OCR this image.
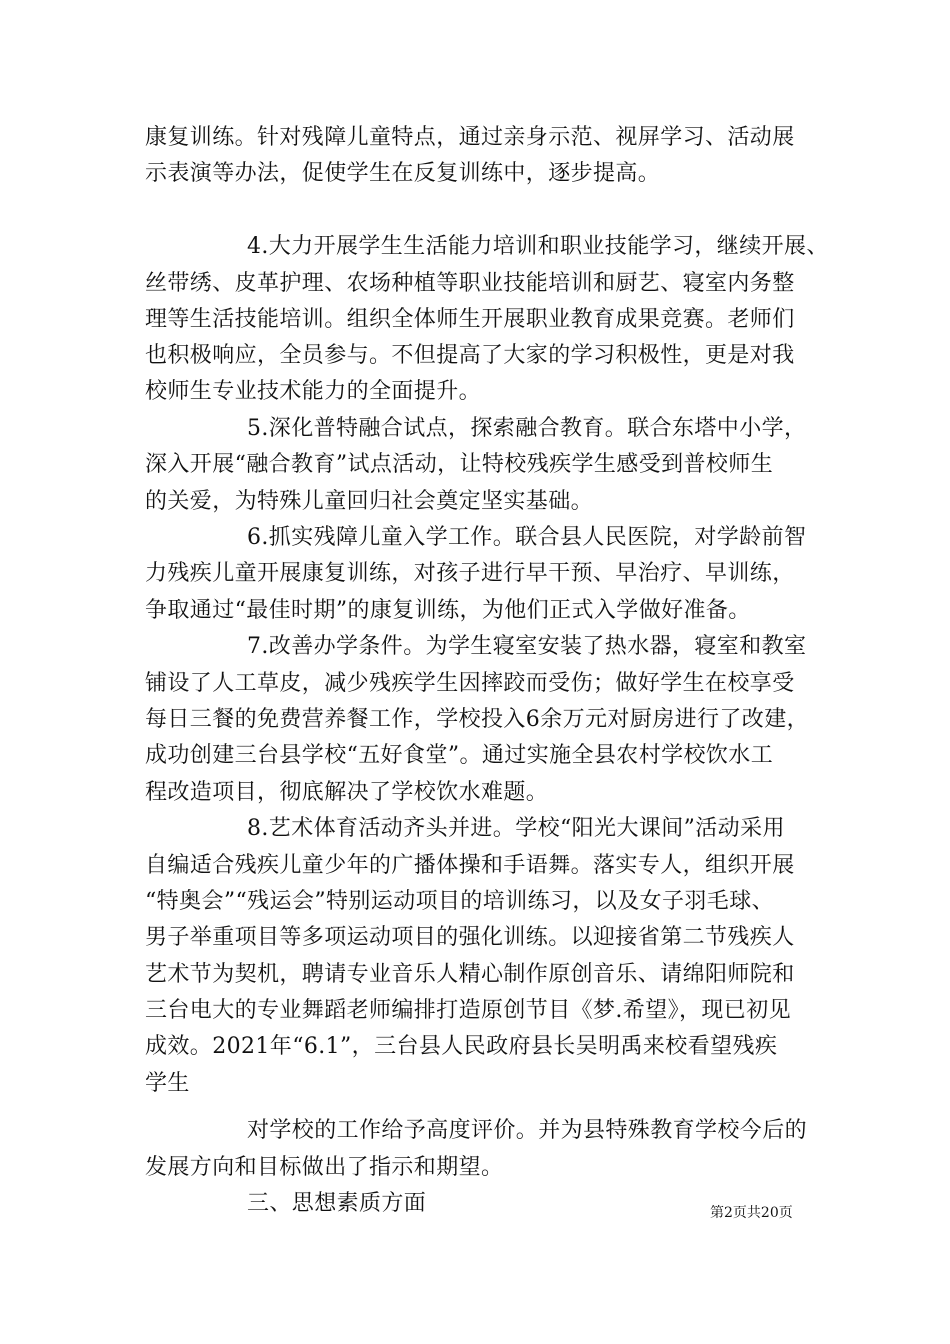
康复训练。针对残障儿童特点，通过亲身示范、视屏学习、活动展
示表演等办法，促使学生在反复训练中，逐步提高。
4.大力开展学生生活能力培训和职业技能学习，继续开展、
丝带绣、皮革护理、农场种植等职业技能培训和厨艺、寝室内务整
理等生活技能培训。组织全体师生开展职业教育成果竞赛。老师们
也积极响应，全员参与。不但提高了大家的学习积极性，更是对我
校师生专业技术能力的全面提升。
5.深化普特融合试点，探索融合教育。联合东塔中小学，
深入开展“融合教育”试点活动，让特校残疾学生感受到普校师生
的关爱，为特殊儿童回归社会奠定坚实基础。
6.抓实残障儿童入学工作。联合县人民医院，对学龄前智
力残疾儿童开展康复训练，对孩子进行早干预、早治疗、早训练，
争取通过“最佳时期”的康复训练，为他们正式入学做好准备。
7.改善办学条件。为学生寝室安装了热水器，寝室和教室
铺设了人工草皮，减少残疾学生因摔跤而受伤；做好学生在校享受
每日三餐的免费营养餐工作，学校投入6余万元对厨房进行了改建，
成功创建三台县学校“五好食堂”。通过实施全县农村学校饮水工
程改造项目，彻底解决了学校饮水难题。
8.艺术体育活动齐头并进。学校“阳光大课间”活动采用
自编适合残疾儿童少年的广播体操和手语舞。落实专人，组织开展
“特奥会”“残运会”特别运动项目的培训练习，以及女子羽毛球、
男子举重项目等多项运动项目的强化训练。以迎接省第二节残疾人
艺术节为契机，聘请专业音乐人精心制作原创音乐、请绵阳师院和
三台电大的专业舞蹈老师编排打造原创节目《梦.希望》，现已初见
成效。2021年“6.1”，三台县人民政府县长吴明禹来校看望残疾
学生
对学校的工作给予高度评价。并为县特殊教育学校今后的
发展方向和目标做出了指示和期望。
三、思想素质方面	第2页共20页
